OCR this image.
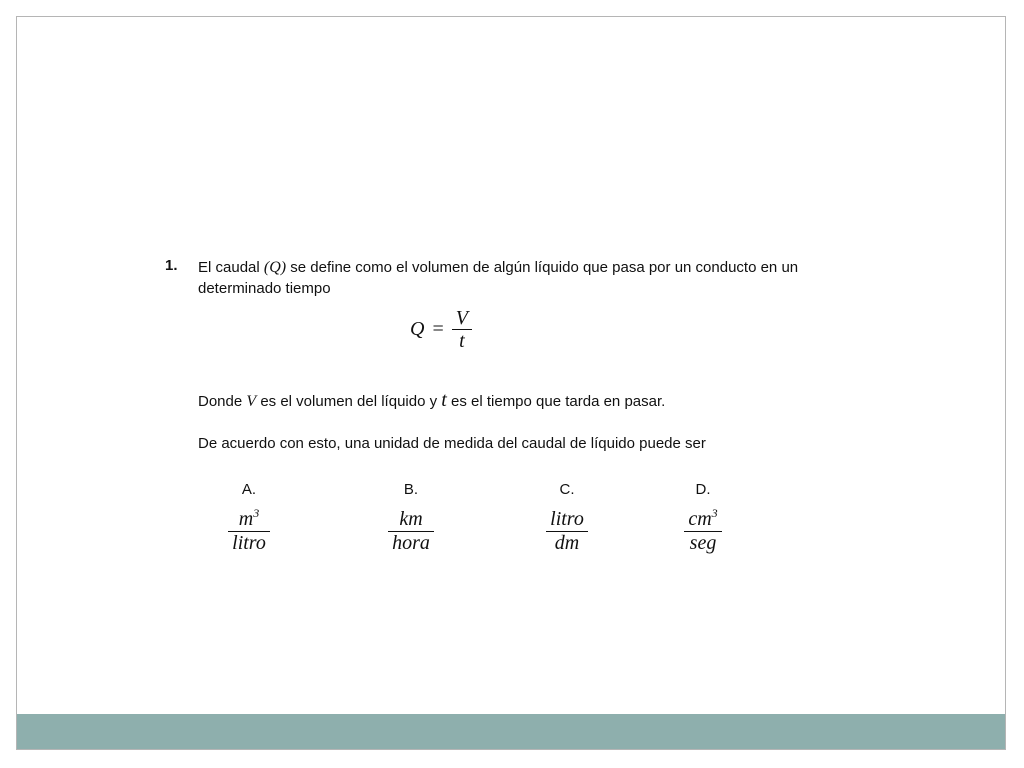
1. El caudal (Q) se define como el volumen de algún líquido que pasa por un conducto en un determinado tiempo
$Q = \frac{V}{t}$
Donde V es el volumen del líquido y t es el tiempo que tarda en pasar.
De acuerdo con esto, una unidad de medida del caudal de líquido puede ser
A.
$\frac{m^3}{\text{litro}}$
B.
$\frac{km}{\text{hora}}$
C.
$\frac{\text{litro}}{dm}$
D.
$\frac{cm^3}{\text{seg}}$
